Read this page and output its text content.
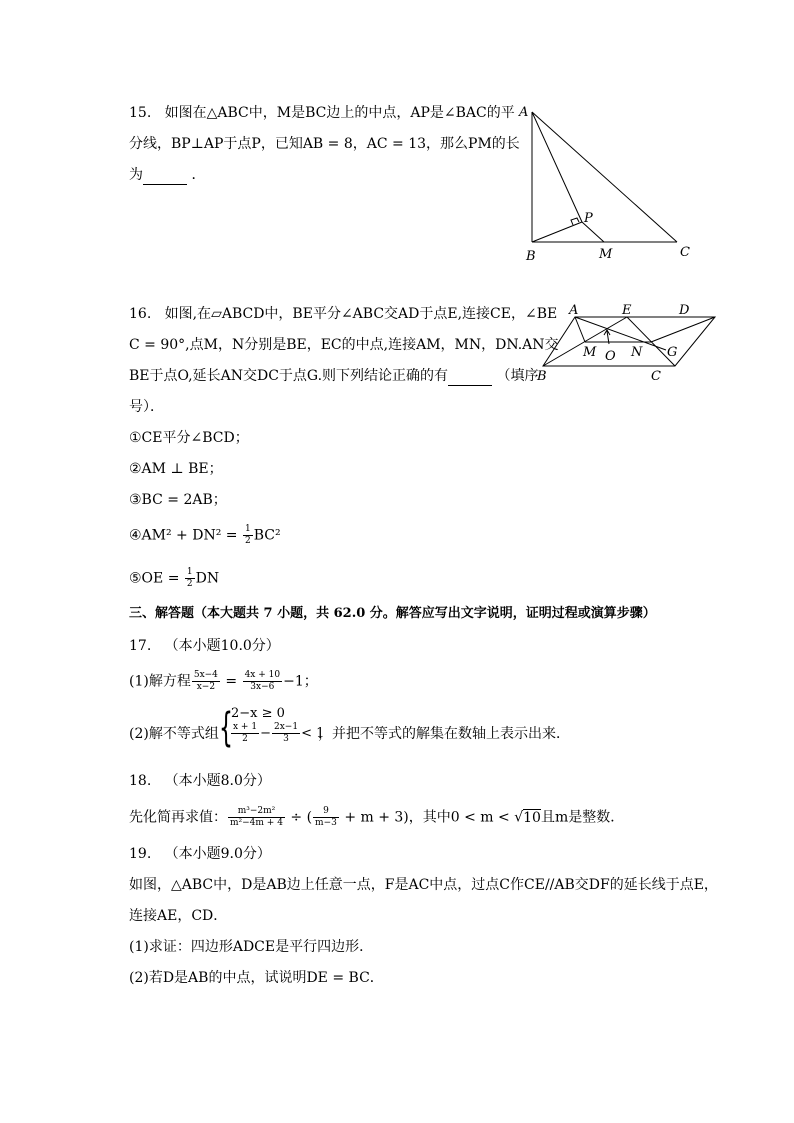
15. 如图在△ABC中，M是BC边上的中点，AP是∠BAC的平
分线，BP⊥AP于点P，已知AB = 8，AC = 13，那么PM的长
为	．
A
B	C
M
P
16. 如图,在▱ABCD中，BE平分∠ABC交AD于点E,连接CE，∠BE
C = 90°,点M，N分别是BE，EC的中点,连接AM，MN，DN.AN交
BE于点O,延长AN交DC于点G.则下列结论正确的有	（填序
号）．
①CE平分∠BCD；
②AM ⊥ BE；
③BC = 2AB；
④AM² + $DN^2 = \frac{1}{2} BC^2$
⑤OE = $\frac{1}{2}$ DN
A	E	D
M O N G
B	C
三、解答题（本大题共 7 小题，共 62.0 分。解答应写出文字说明，证明过程或演算步骤）
17. （本小题10.0分）
(1)解方程 $\frac{5x-4}{x-2} = \frac{4x + 10}{3x-6} -1$；
(2)解不等式组 {
2−x ≥ 0
$\frac{x + 1}{2} - \frac{2x-1}{3} < 1$
，并把不等式的解集在数轴上表示出来．
18. （本小题8.0分）
先化简再求值： $\frac{\text{m³−2m²}}{\text{m²−4m + 4}}$ ÷ ( $\frac{9}{m-3} + m + 3$)，其中0 < m < √10且m是整数．
19. （本小题9.0分）
如图，△ABC中，D是AB边上任意一点，F是AC中点，过点C作CE//AB交DF的延长线于点E，
连接AE，CD．
(1)求证：四边形ADCE是平行四边形．
(2)若D是AB的中点，试说明DE = BC．
